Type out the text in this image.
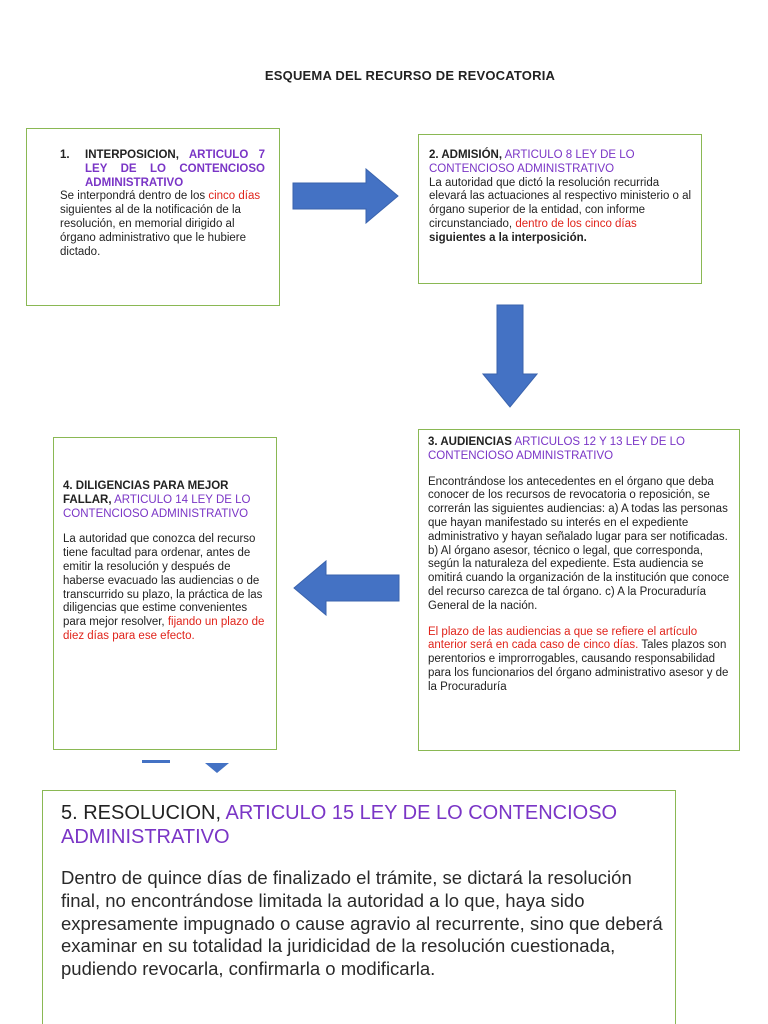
ESQUEMA DEL RECURSO DE REVOCATORIA
1. INTERPOSICION, ARTICULO 7 LEY DE LO CONTENCIOSO ADMINISTRATIVO
Se interpondrá dentro de los cinco días siguientes al de la notificación de la resolución, en memorial dirigido al órgano administrativo que le hubiere dictado.
2. ADMISIÓN, ARTICULO 8 LEY DE LO CONTENCIOSO ADMINISTRATIVO
La autoridad que dictó la resolución recurrida elevará las actuaciones al respectivo ministerio o al órgano superior de la entidad, con informe circunstanciado, dentro de los cinco días siguientes a la interposición.
3. AUDIENCIAS ARTICULOS 12 Y 13 LEY DE LO CONTENCIOSO ADMINISTRATIVO
Encontrándose los antecedentes en el órgano que deba conocer de los recursos de revocatoria o reposición, se correrán las siguientes audiencias: a) A todas las personas que hayan manifestado su interés en el expediente administrativo y hayan señalado lugar para ser notificadas. b) Al órgano asesor, técnico o legal, que corresponda, según la naturaleza del expediente. Esta audiencia se omitirá cuando la organización de la institución que conoce del recurso carezca de tal órgano. c) A la Procuraduría General de la nación.
El plazo de las audiencias a que se refiere el artículo anterior será en cada caso de cinco días. Tales plazos son perentorios e improrrogables, causando responsabilidad para los funcionarios del órgano administrativo asesor y de la Procuraduría
4. DILIGENCIAS PARA MEJOR FALLAR, ARTICULO 14 LEY DE LO CONTENCIOSO ADMINISTRATIVO
La autoridad que conozca del recurso tiene facultad para ordenar, antes de emitir la resolución y después de haberse evacuado las audiencias o de transcurrido su plazo, la práctica de las diligencias que estime convenientes para mejor resolver, fijando un plazo de diez días para ese efecto.
5. RESOLUCION, ARTICULO 15 LEY DE LO CONTENCIOSO ADMINISTRATIVO
Dentro de quince días de finalizado el trámite, se dictará la resolución final, no encontrándose limitada la autoridad a lo que, haya sido expresamente impugnado o cause agravio al recurrente, sino que deberá examinar en su totalidad la juridicidad de la resolución cuestionada, pudiendo revocarla, confirmarla o modificarla.
